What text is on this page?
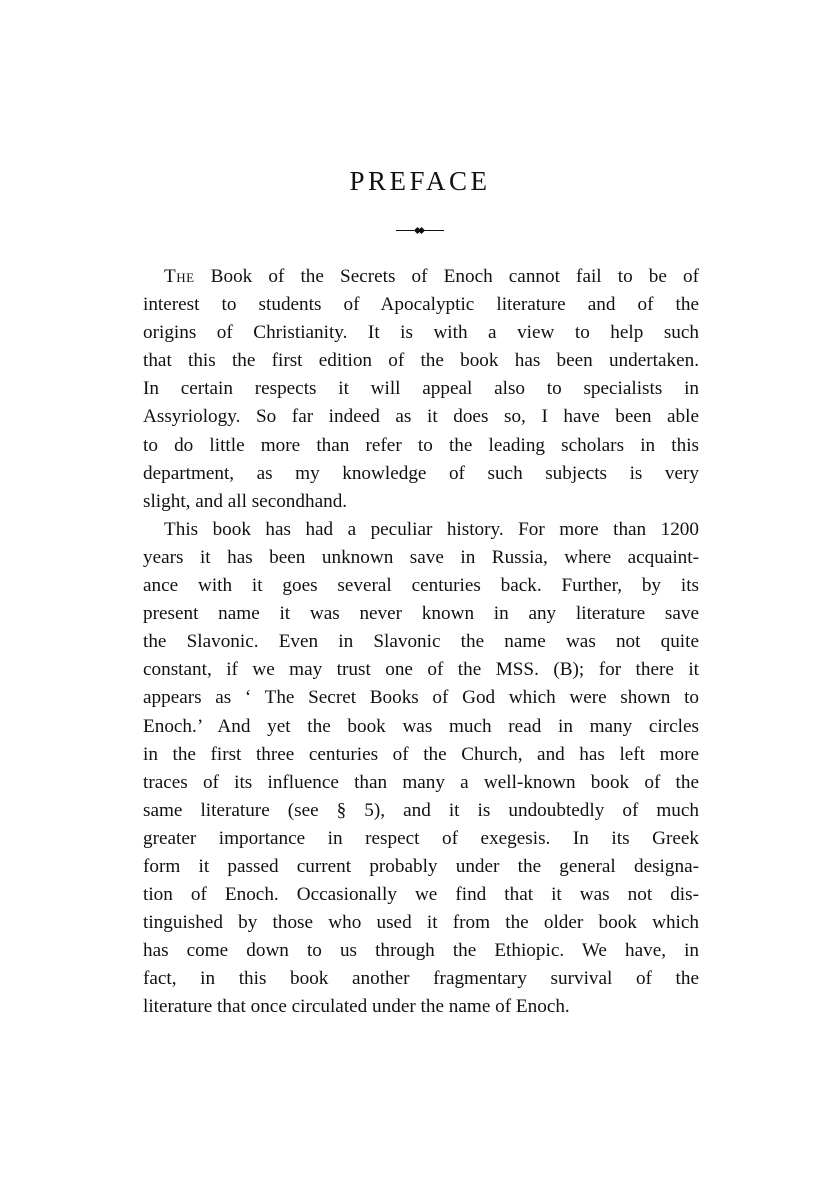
PREFACE
The Book of the Secrets of Enoch cannot fail to be of
interest to students of Apocalyptic literature and of the
origins of Christianity. It is with a view to help such
that this the first edition of the book has been undertaken.
In certain respects it will appeal also to specialists in
Assyriology. So far indeed as it does so, I have been able
to do little more than refer to the leading scholars in this
department, as my knowledge of such subjects is very
slight, and all secondhand.
This book has had a peculiar history. For more than 1200
years it has been unknown save in Russia, where acquaint-
ance with it goes several centuries back. Further, by its
present name it was never known in any literature save
the Slavonic. Even in Slavonic the name was not quite
constant, if we may trust one of the MSS. (B); for there it
appears as ‘ The Secret Books of God which were shown to
Enoch.’ And yet the book was much read in many circles
in the first three centuries of the Church, and has left more
traces of its influence than many a well-known book of the
same literature (see § 5), and it is undoubtedly of much
greater importance in respect of exegesis. In its Greek
form it passed current probably under the general designa-
tion of Enoch. Occasionally we find that it was not dis-
tinguished by those who used it from the older book which
has come down to us through the Ethiopic. We have, in
fact, in this book another fragmentary survival of the
literature that once circulated under the name of Enoch.
